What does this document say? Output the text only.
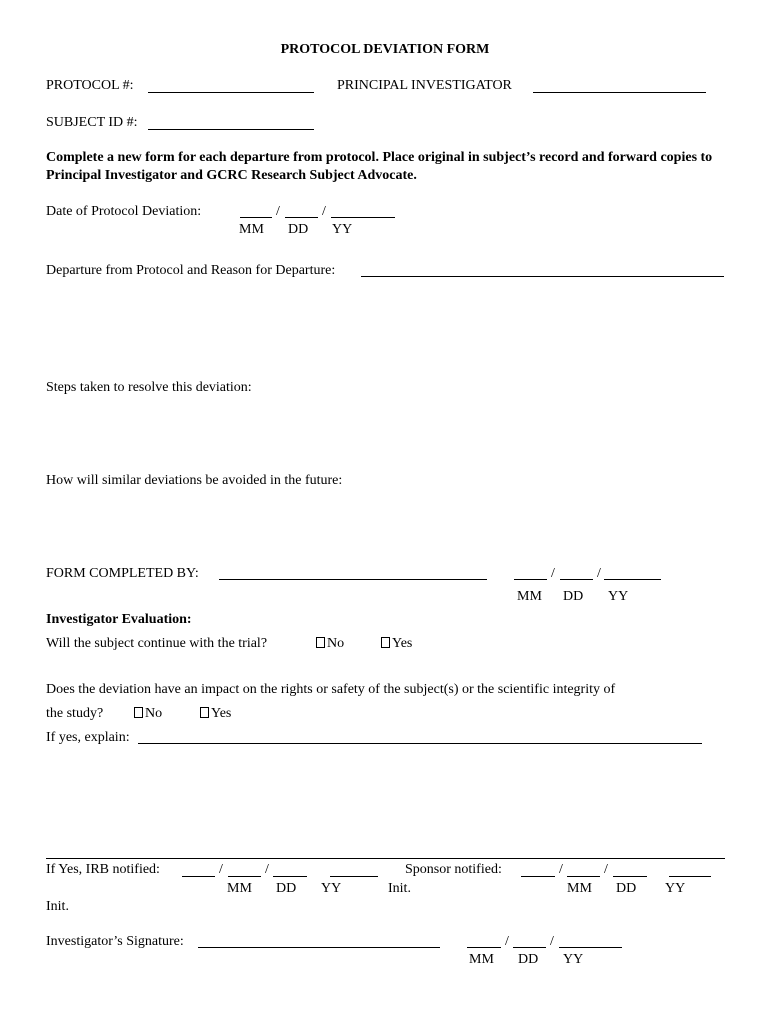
PROTOCOL DEVIATION FORM
PROTOCOL #:	PRINCIPAL INVESTIGATOR
SUBJECT ID #:
Complete a new form for each departure from protocol. Place original in subject’s record and forward copies to Principal Investigator and GCRC Research Subject Advocate.
Date of Protocol Deviation:	/	/
MM DD YY
Departure from Protocol and Reason for Departure:
Steps taken to resolve this deviation:
How will similar deviations be avoided in the future:
FORM COMPLETED BY:	/	/
MM DD YY
Investigator Evaluation:
Will the subject continue with the trial?	No	Yes
Does the deviation have an impact on the rights or safety of the subject(s) or the scientific integrity of
the study?	No	Yes
If yes, explain:
If Yes, IRB notified:	/	/
MM DD YY	Init.
Sponsor notified:	/	/
MM DD YY
Init.
Investigator’s Signature:	/	/
MM DD YY
